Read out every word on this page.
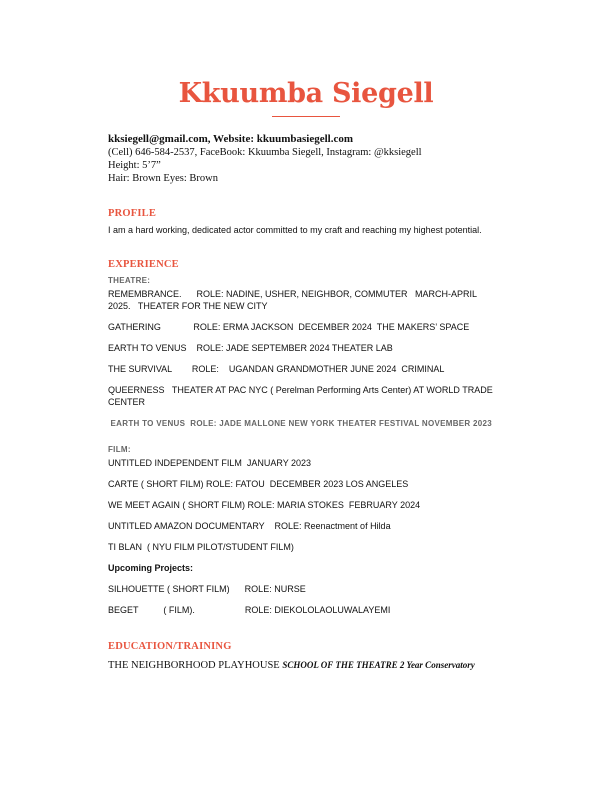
Kkuumba Siegell
kksiegell@gmail.com, Website: kkuumbasiegell.com
(Cell) 646-584-2537, FaceBook: Kkuumba Siegell, Instagram: @kksiegell
Height: 5’7”
Hair: Brown Eyes: Brown
PROFILE
I am a hard working, dedicated actor committed to my craft and reaching my highest potential.
EXPERIENCE
THEATRE:
REMEMBRANCE.      ROLE: NADINE, USHER, NEIGHBOR, COMMUTER   MARCH-APRIL 2025.   THEATER FOR THE NEW CITY
GATHERING             ROLE: ERMA JACKSON  DECEMBER 2024  THE MAKERS’ SPACE
EARTH TO VENUS    ROLE: JADE SEPTEMBER 2024 THEATER LAB
THE SURVIVAL        ROLE:    UGANDAN GRANDMOTHER JUNE 2024  CRIMINAL
QUEERNESS   THEATER AT PAC NYC ( Perelman Performing Arts Center) AT WORLD TRADE CENTER
EARTH TO VENUS  ROLE: JADE MALLONE NEW YORK THEATER FESTIVAL NOVEMBER 2023
FILM:
UNTITLED INDEPENDENT FILM  JANUARY 2023
CARTE ( SHORT FILM) ROLE: FATOU  DECEMBER 2023 LOS ANGELES
WE MEET AGAIN ( SHORT FILM) ROLE: MARIA STOKES  FEBRUARY 2024
UNTITLED AMAZON DOCUMENTARY    ROLE: Reenactment of Hilda
TI BLAN  ( NYU FILM PILOT/STUDENT FILM)
Upcoming Projects:
SILHOUETTE ( SHORT FILM)      ROLE: NURSE
BEGET          ( FILM).                    ROLE: DIEKOLOLAOLUWALAYEMI
EDUCATION/TRAINING
THE NEIGHBORHOOD PLAYHOUSE SCHOOL OF THE THEATRE 2 Year Conservatory
